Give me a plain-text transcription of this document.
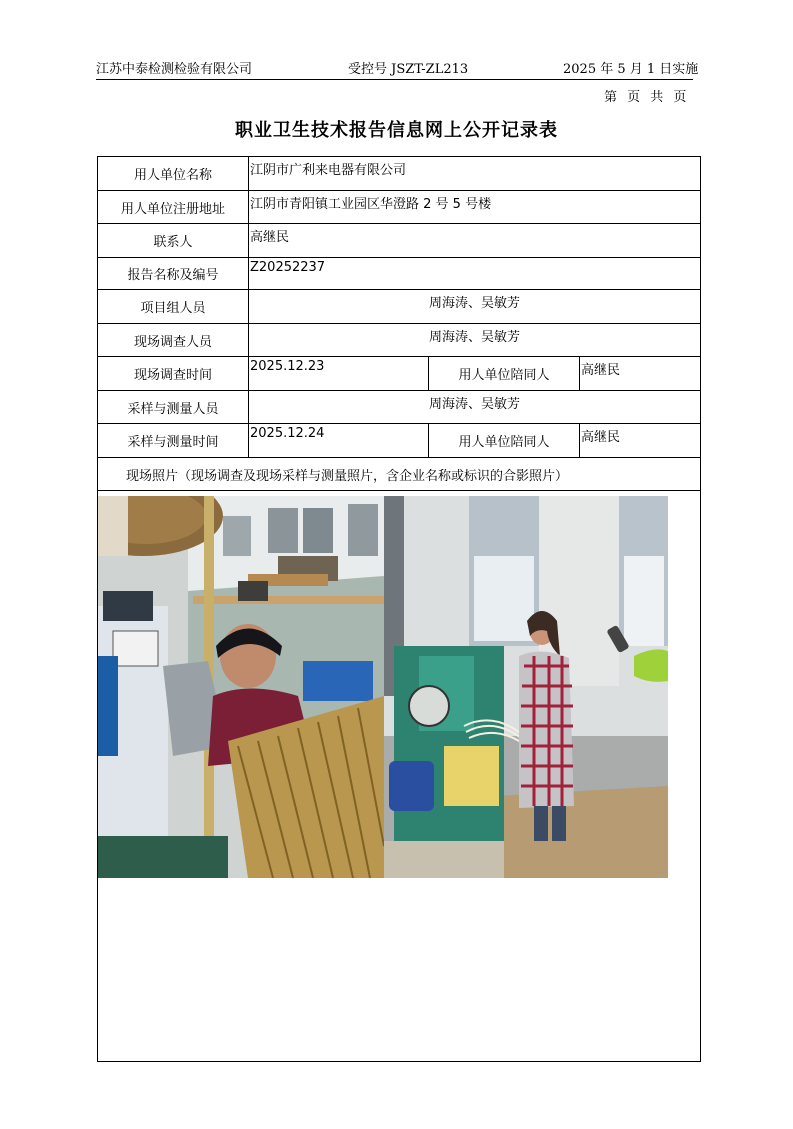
江苏中泰检测检验有限公司	受控号 JSZT-ZL213	2025 年 5 月 1 日实施
第 页 共 页
职业卫生技术报告信息网上公开记录表
用人单位名称	江阴市广利来电器有限公司		
用人单位注册地址	江阴市青阳镇工业园区华澄路 2 号 5 号楼		
联系人	高继民		
报告名称及编号	Z20252237		
项目组人员	周海涛、吴敏芳		
现场调查人员	周海涛、吴敏芳		
现场调查时间	2025.12.23	用人单位陪同人	高继民
采样与测量人员	周海涛、吴敏芳		
采样与测量时间	2025.12.24	用人单位陪同人	高继民
现场照片（现场调查及现场采样与测量照片，含企业名称或标识的合影照片）			
